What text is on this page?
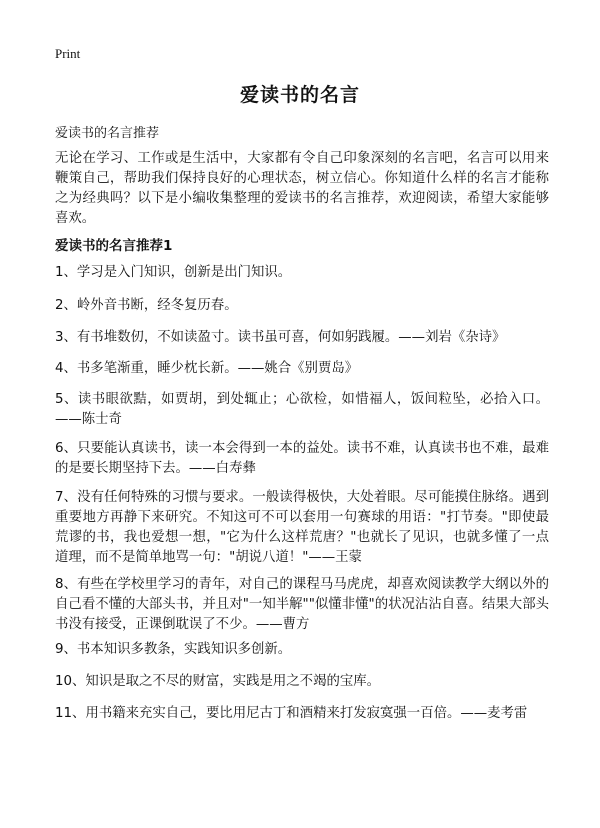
Print
爱读书的名言

爱读书的名言推荐

无论在学习、工作或是生活中，大家都有令自己印象深刻的名言吧，名言可以用来鞭策自己，帮助我们保持良好的心理状态，树立信心。你知道什么样的名言才能称之为经典吗？以下是小编收集整理的爱读书的名言推荐，欢迎阅读，希望大家能够喜欢。

爱读书的名言推荐1

1、学习是入门知识，创新是出门知识。

2、岭外音书断，经冬复历春。

3、有书堆数仞，不如读盈寸。读书虽可喜，何如躬践履。——刘岩《杂诗》

4、书多笔渐重，睡少枕长新。——姚合《别贾岛》

5、读书眼欲黠，如贾胡，到处辄止；心欲检，如惜福人，饭间粒坠，必拾入口。——陈士奇

6、只要能认真读书，读一本会得到一本的益处。读书不难，认真读书也不难，最难的是要长期坚持下去。——白寿彝

7、没有任何特殊的习惯与要求。一般读得极快，大处着眼。尽可能摸住脉络。遇到重要地方再静下来研究。不知这可不可以套用一句赛球的用语："打节奏。"即使最荒谬的书，我也爱想一想，"它为什么这样荒唐？"也就长了见识，也就多懂了一点道理，而不是简单地骂一句："胡说八道！"——王蒙

8、有些在学校里学习的青年，对自己的课程马马虎虎，却喜欢阅读教学大纲以外的自己看不懂的大部头书，并且对"一知半解""似懂非懂"的状况沾沾自喜。结果大部头书没有接受，正课倒耽误了不少。——曹方

9、书本知识多教条，实践知识多创新。

10、知识是取之不尽的财富，实践是用之不竭的宝库。

11、用书籍来充实自己，要比用尼古丁和酒精来打发寂寞强一百倍。——麦考雷
